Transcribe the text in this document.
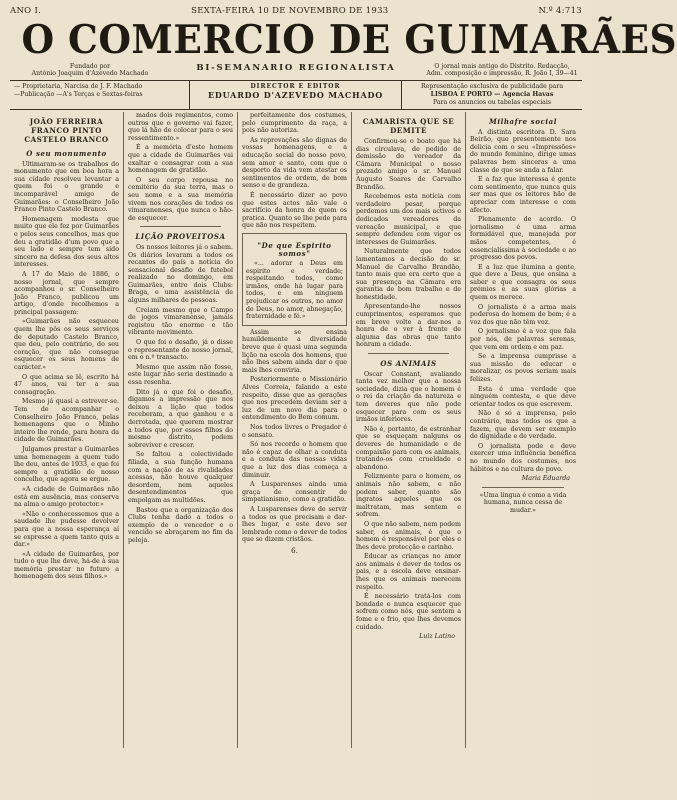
ANO I.	SEXTA-FEIRA 10 DE NOVEMBRO DE 1933	N.º 4:713
O COMERCIO DE GUIMARÃES
Fundado por
António Joaquim d'Azevedo Machado
BI-SEMANARIO REGIONALISTA	O jornal mais antigo do Distrito. Redacção,
Adm. composição e impressão, R. João I, 39—41
— Proprietaria, Narcisa de J. F. Machado
—Publicação —A's Terças e Sextas-feiras
DIRECTOR E EDITOR
EDUARDO D'AZEVEDO MACHADO
Representação exclusiva de publicidade para
LISBOA E PORTO — Agencia Havas
Para os anuncios ou tabelas especiais
JOÃO FERREIRA FRANCO PINTO CASTELO BRANCO
O seu monumento

Ultimaram-se os trabalhos do monumento que em boa hora a sua cidade resolveu levantar a quem foi o grande e incomparável amigo de Guimarães: o Conselheiro João Franco Pinto Castelo Branco.

Homenagem modesta que muito que ele fez por Guimarães e pelos seus concelhos, mas que deu a gratidão d'um povo que a seu lado e sempre tem sido sincero na defesa dos seus altos interesses.

A 17 de Maio de 1886, o nosso jornal, que sempre acompanhou o sr. Conselheiro João Franco, publicou um artigo, d'onde recolhemos a principal passagem:

«Guimarães não esqueceu quem lhe pôs os seus serviços de deputado Castelo Branco, que deu, pelo contrário, do seu coração, que não consegue esquecer os seus homens de carácter.»

O que acima se lê, escrito há 47 anos, vai ter a sua consagração.

Mesmo já quasi a estrever-se. Tem de acompanhar o Conselheiro João Franco, pelas homenagens que o Minho inteiro lhe rende, para honra da cidade de Guimarães.

Julgamos prestar a Guimarães uma homenagem a quem tudo lhe deu, antes de 1933, e que foi sempre a gratidão do nosso concelho, que agora se ergue.

«A cidade de Guimarães não está em ausência, mas conserva na alma o amigo protector.»

«Não o conhecessemos que a saudade lhe pudesse devolver para que a nossa esperança aí se expresse a quem tanto quis a dar.»

«A cidade de Guimarães, por tudo o que lhe deve, há-de à sua memória prestar no futuro a homenagem dos seus filhos.»

mados dois regimentos, como outros que o governo vai fazer, que lá hão de colocar para o seu ressentimento.»

É a memória d'este homem que a cidade de Guimarães vai exaltar e consagrar com a sua homenagem de gratidão.

O seu corpo repousa no cemitério da sua terra, mas o seu nome e a sua memória vivem nos corações de todos os vimaranenses, que nunca o hão-de esquecer.

LIÇÃO PROVEITOSA

Os nossos leitores já o sabem. Os diários levaram a todos os recantos do país a notícia do sensacional desafio de futebol realizado no domingo, em Guimarães, entre dois Clubs: Braga, e uma assistência de alguns milhares de pessoas.

Creiam mesmo que o Campo de jogos vimaranense, jamais registou tão enorme e tão vibrante movimento.

O que foi o desafio, já o disse o representante do nosso jornal, em o n.º transacto.

Mesmo que assim não fosse, este lugar não seria destinado a essa resenha.

Dito já o que foi o desafio, digamos a impressão que nos deixou a lição que todos receberam, a que ganhou e a derrotada, que querem mostrar a todos que, por esses filhos do mesmo distrito, podem sobreviver e crescer.

Se faltou a colectividade filiada, a sua função humana com a nação de as rivalidades acessas, não houve qualquer desordem, nem aqueles desentendimentos que empolgam as multidões.

Bastou que a organização dos Clubs tenha dado a todos o exemplo de o vencedor e o vencido se abraçarem no fim da peleja.

perfeitamente dos costumes, pelo cumprimento da raça, a pois não autoriza.

As reprovações são dignas de vossas homenagens, e a educação social do nosso povo, sem amor e santo, com que o desporto da vida vem atestar os sentimentos de ordem, de bom senso e de grandeza.

É necessário dizer ao povo que estes actos não vale o sacrifício da honra de quem os pratica. Quanto se lhe pede para que não nos respeitem.

"De que Espirito somos"

«... adorar a Deus em espirito e verdade; respeitando todos, como irmãos, onde há lugar para todos, e em ninguem prejudicar os outros, no amor de Deus, no amor, abnegação, fraternidade e fé.»

Assim se ensina humildemente a diversidade breve que é quasi uma segunda lição na escola dos homens, que não lhes sabem ainda dar o que mais lhes conviria.

Posteriormente o Missionário Alves Correia, falando a este respeito, disse que as gerações que nos precedem deviam ser a luz de um novo dia para o entendimento do Bem comum.

Nos todos livres o Pregador é o sensato.

Só nos recorde o homem que não é capaz de olhar a conduta e a conduta das nossas vidas que a luz dos dias começa a diminuir.

A Lusparenses ainda uma graça de consentir de simpatianismo, como a gratidão.

A Lusparenses deve de servir a todos os que precisam e dar-lhes lugar, e este deve ser lembrado como o dever de todos que se dizem cristãos.

6.
CAMARISTA QUE SE DEMITE

Confirmou-se o boato que há dias circulava, de pedido de demissão do vereador da Câmara Municipal o nosso prezado amigo o sr. Manuel Augusto Soares de Carvalho Brandão.

Recebemos esta notícia com verdadeiro pesar, porque perdemos um dos mais activos e dedicados vereadores da vereação municipal, e que sempre defendeu com vigor os interesses de Guimarães.

Naturalmente que todos lamentamos a decisão do sr. Manuel de Carvalho Brandão, tanto mais que era certo que a sua presença na Câmara era garantia de bom trabalho e de honestidade.

Apresentando-lhe nossos cumprimentos, esperamos que em breve volte a dar-nos a honra de o ver à frente de alguma das obras que tanto honram a cidade.

OS ANIMAIS

Oscar Constant, avaliando tanta vez melhor que a nossa sociedade, dizia que o homem é o rei da criação da natureza e tem deveres que não pode esquecer para com os seus irmãos inferiores.

Não é, portanto, de estranhar que se esqueçam nalguns os deveres de humanidade e de compaixão para com os animais, tratando-os com crueldade e abandono.

Felizmente para o homem, os animais não sabem, e não podem saber, quanto são ingratos aqueles que os maltratam, mas sentem e sofrem.

O que não sabem, nem podem saber, os animais, é que o homem é responsável por eles e lhes deve protecção e carinho.

Educar as crianças no amor aos animais é dever de todos os pais, e a escola deve ensinar-lhes que os animais merecem respeito.

É necessário tratá-los com bondade e nunca esquecer que sofrem como nós, que sentem a fome e o frio, que lhes devemos cuidado.

Luiz Latino
Milhafre social

A distinta escritora D. Sara Beirão, que presentemente nos delicia com o seu «Impressões» do mundo feminino, dirige umas palavras bem sinceras a uma classe de que se anda a falar.

E a faz que interessa é gente com sentimento, que nunca quis ser mas que os leitores hão de apreciar com interesse e com afecto.

Plenamente de acordo. O jornalismo é uma arma formidável que, manejada por mãos competentes, é essencialíssima à sociedade e ao progresso dos povos.

E a luz que ilumina a gente, que deve a Deus, que ensina a saber e que consagra os seus prémios e as suas glórias a quem os merece.

O jornalista é a arma mais poderosa do homem de bem; é a voz dos que não têm voz.

O jornalismo é a voz que fala por nós, de palavras serenas, que vem em ordem e em paz.

Se a imprensa cumprisse a sua missão de educar e moralizar, os povos seriam mais felizes.

Esta é uma verdade que ninguém contesta, e que deve orientar todos os que escrevem.

Não é só a imprensa, pelo contrário, mas todos os que a fazem, que devem ser exemplo de dignidade e de verdade.

O jornalista pode e deve exercer uma influência benéfica no mundo dos costumes, nos hábitos e na cultura do povo.

Maria Eduarda

«Uma lingua é como a vida humana, nunca cessa de mudar.»
